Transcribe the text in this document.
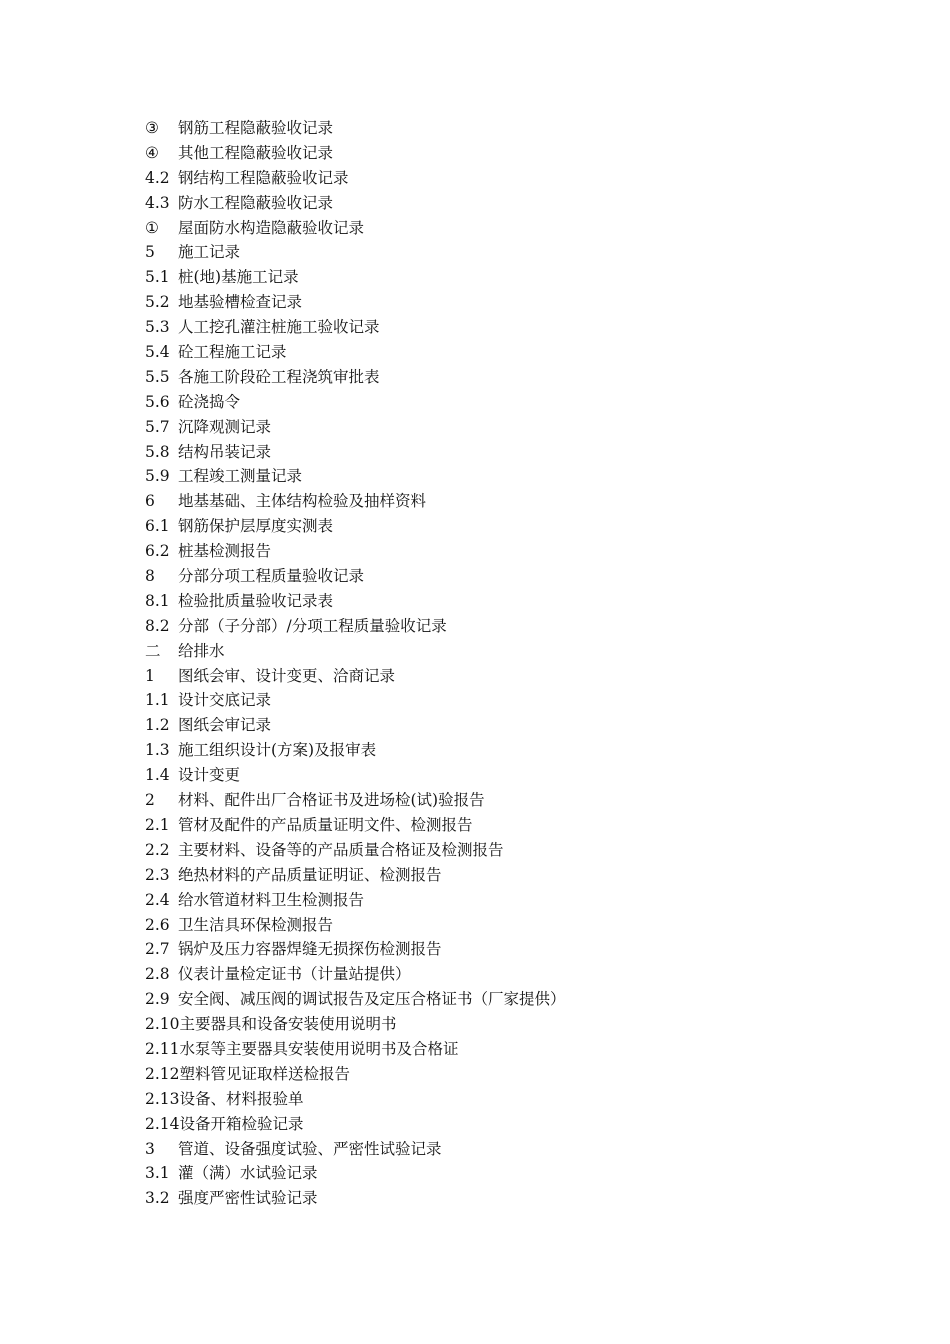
③	钢筋工程隐蔽验收记录
④	其他工程隐蔽验收记录
4.2 钢结构工程隐蔽验收记录
4.3 防水工程隐蔽验收记录
①	屋面防水构造隐蔽验收记录
5	施工记录
5.1 桩(地)基施工记录
5.2 地基验槽检查记录
5.3 人工挖孔灌注桩施工验收记录
5.4 砼工程施工记录
5.5 各施工阶段砼工程浇筑审批表
5.6 砼浇捣令
5.7 沉降观测记录
5.8 结构吊装记录
5.9 工程竣工测量记录
6	地基基础、主体结构检验及抽样资料
6.1 钢筋保护层厚度实测表
6.2 桩基检测报告
8	分部分项工程质量验收记录
8.1 检验批质量验收记录表
8.2 分部（子分部）/分项工程质量验收记录
二	给排水
1	图纸会审、设计变更、洽商记录
1.1 设计交底记录
1.2 图纸会审记录
1.3 施工组织设计(方案)及报审表
1.4 设计变更
2	材料、配件出厂合格证书及进场检(试)验报告
2.1 管材及配件的产品质量证明文件、检测报告
2.2 主要材料、设备等的产品质量合格证及检测报告
2.3 绝热材料的产品质量证明证、检测报告
2.4 给水管道材料卫生检测报告
2.6 卫生洁具环保检测报告
2.7 锅炉及压力容器焊缝无损探伤检测报告
2.8 仪表计量检定证书（计量站提供）
2.9 安全阀、减压阀的调试报告及定压合格证书（厂家提供）
2.10 主要器具和设备安装使用说明书
2.11 水泵等主要器具安装使用说明书及合格证
2.12 塑料管见证取样送检报告
2.13 设备、材料报验单
2.14 设备开箱检验记录
3	管道、设备强度试验、严密性试验记录
3.1 灌（满）水试验记录
3.2 强度严密性试验记录
